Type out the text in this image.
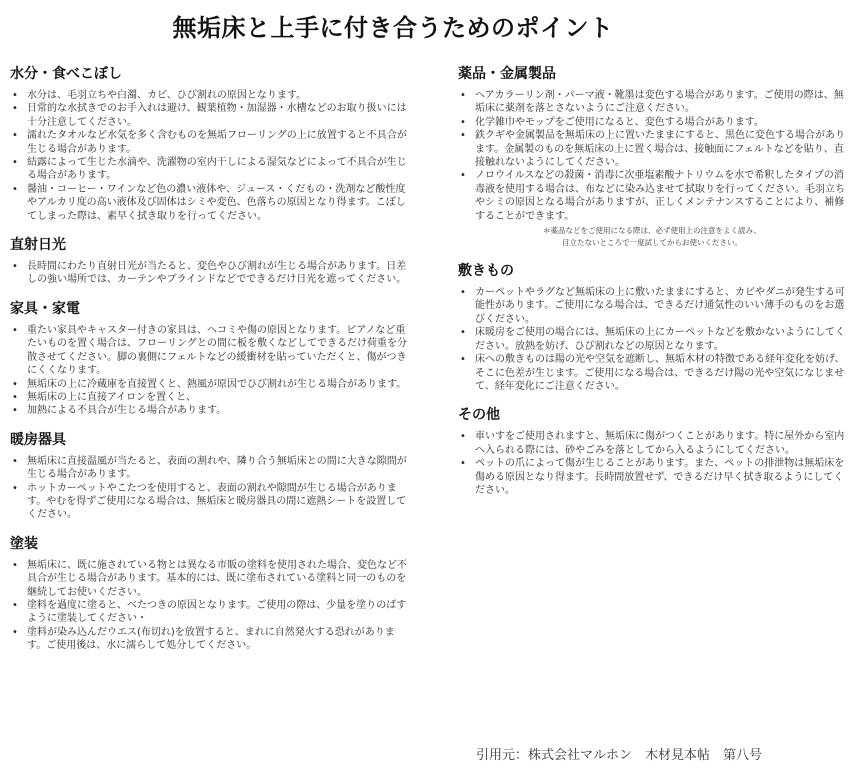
無垢床と上手に付き合うためのポイント
水分・食べこぼし
• 水分は、毛羽立ちや白濁、カビ、ひび割れの原因となります。
• 日常的な水拭きでのお手入れは避け、観葉植物・加湿器・水槽などのお取り扱いには十分注意してください。
• 濡れたタオルなど水気を多く含むものを無垢フローリングの上に放置すると不具合が生じる場合があります。
• 結露によって生じた水滴や、洗濯物の室内干しによる湿気などによって不具合が生じる場合があります。
• 醤油・コーヒー・ワインなど色の濃い液体や、ジュース・くだもの・洗剤など酸性度やアルカリ度の高い液体及び固体はシミや変色、色落ちの原因となり得ます。こぼしてしまった際は、素早く拭き取りを行ってください。
直射日光
• 長時間にわたり直射日光が当たると、変色やひび割れが生じる場合があります。日差しの強い場所では、カーテンやブラインドなどでできるだけ日光を遮ってください。
家具・家電
• 重たい家具やキャスター付きの家具は、ヘコミや傷の原因となります。ピアノなど重たいものを置く場合は、フローリングとの間に板を敷くなどしてできるだけ荷重を分散させてください。脚の裏側にフェルトなどの緩衝材を貼っていただくと、傷がつきにくくなります。
• 無垢床の上に冷蔵庫を直接置くと、熱風が原因でひび割れが生じる場合があります。
• 無垢床の上に直接アイロンを置くと、
• 加熱による不具合が生じる場合があります。
暖房器具
• 無垢床に直接温風が当たると、表面の割れや、隣り合う無垢床との間に大きな隙間が生じる場合があります。
• ホットカーペットやこたつを使用すると、表面の割れや隙間が生じる場合があります。やむを得ずご使用になる場合は、無垢床と暖房器具の間に遮熱シートを設置してください。
塗装
• 無垢床に、既に施されている物とは異なる市販の塗料を使用された場合、変色など不具合が生じる場合があります。基本的には、既に塗布されている塗料と同一のものを継続してお使いください。
• 塗料を過度に塗ると、べたつきの原因となります。ご使用の際は、少量を塗りのばすように塗装してください・
• 塗料が染み込んだウエス(布切れ)を放置すると、まれに自然発火する恐れがあります。ご使用後は、水に濡らして処分してください。
薬品・金属製品
• ヘアカラーリン剤・パーマ液・靴墨は変色する場合があります。ご使用の際は、無垢床に薬剤を落とさないようにご注意ください。
• 化学雑巾やモップをご使用になると、変色する場合があります。
• 鉄クギや金属製品を無垢床の上に置いたままにすると、黒色に変色する場合があります。金属製のものを無垢床の上に置く場合は、接触面にフェルトなどを貼り、直接触れないようにしてください。
• ノロウイルスなどの殺菌・消毒に次亜塩素酸ナトリウムを水で希釈したタイプの消毒液を使用する場合は、布などに染み込ませて拭取りを行ってください。毛羽立ちやシミの原因となる場合がありますが、正しくメンテナンスすることにより、補修することができます。
＊薬品などをご使用になる際は、必ず使用上の注意をよく読み、
目立たないところで一度試してからお使いください。
敷きもの
• カーペットやラグなど無垢床の上に敷いたままにすると、カビやダニが発生する可能性があります。ご使用になる場合は、できるだけ通気性のいい薄手のものをお選びください。
• 床暖房をご使用の場合には、無垢床の上にカーペットなどを敷かないようにしてください。放熱を妨げ、ひび割れなどの原因となります。
• 床への敷きものは陽の光や空気を遮断し、無垢木材の特徴である経年変化を妨げ、そこに色差が生じます。ご使用になる場合は、できるだけ陽の光や空気になじませて、経年変化にご注意ください。
その他
• 車いすをご使用されますと、無垢床に傷がつくことがあります。特に屋外から室内へ入られる際には、砂やごみを落としてから入るようにしてください。
• ペットの爪によって傷が生じることがあります。また、ペットの排泄物は無垢床を傷める原因となり得ます。長時間放置せず、できるだけ早く拭き取るようにしてください。
引用元：株式会社マルホン　木材見本帖　第八号
